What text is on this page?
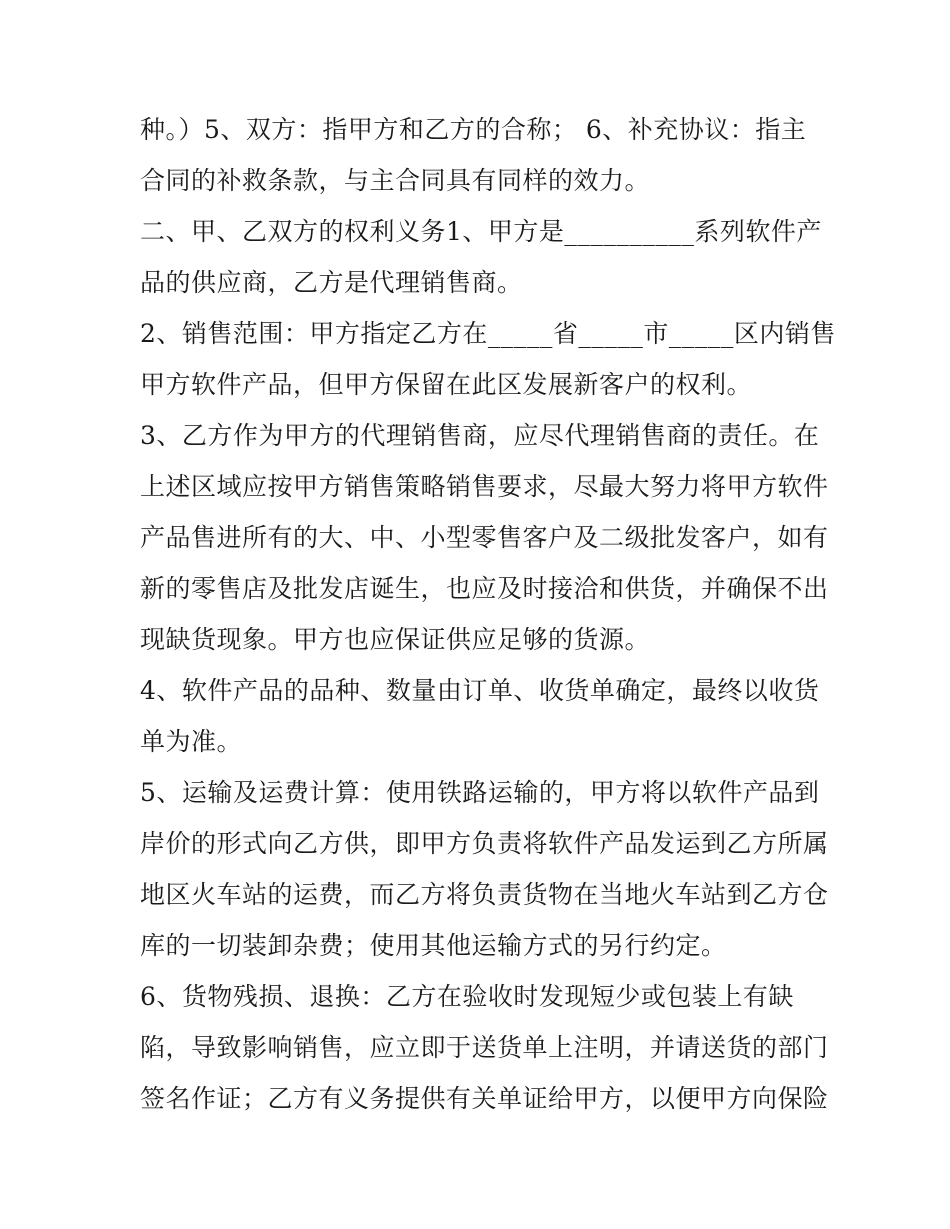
种。）5、双方：指甲方和乙方的合称； 6、补充协议：指主
合同的补救条款，与主合同具有同样的效力。
二、甲、乙双方的权利义务1、甲方是__________系列软件产
品的供应商，乙方是代理销售商。
2、销售范围：甲方指定乙方在_____省_____市_____区内销售
甲方软件产品，但甲方保留在此区发展新客户的权利。
3、乙方作为甲方的代理销售商，应尽代理销售商的责任。在
上述区域应按甲方销售策略销售要求，尽最大努力将甲方软件
产品售进所有的大、中、小型零售客户及二级批发客户，如有
新的零售店及批发店诞生，也应及时接洽和供货，并确保不出
现缺货现象。甲方也应保证供应足够的货源。
4、软件产品的品种、数量由订单、收货单确定，最终以收货
单为准。
5、运输及运费计算：使用铁路运输的，甲方将以软件产品到
岸价的形式向乙方供，即甲方负责将软件产品发运到乙方所属
地区火车站的运费，而乙方将负责货物在当地火车站到乙方仓
库的一切装卸杂费；使用其他运输方式的另行约定。
6、货物残损、退换：乙方在验收时发现短少或包装上有缺
陷，导致影响销售，应立即于送货单上注明，并请送货的部门
签名作证；乙方有义务提供有关单证给甲方，以便甲方向保险
